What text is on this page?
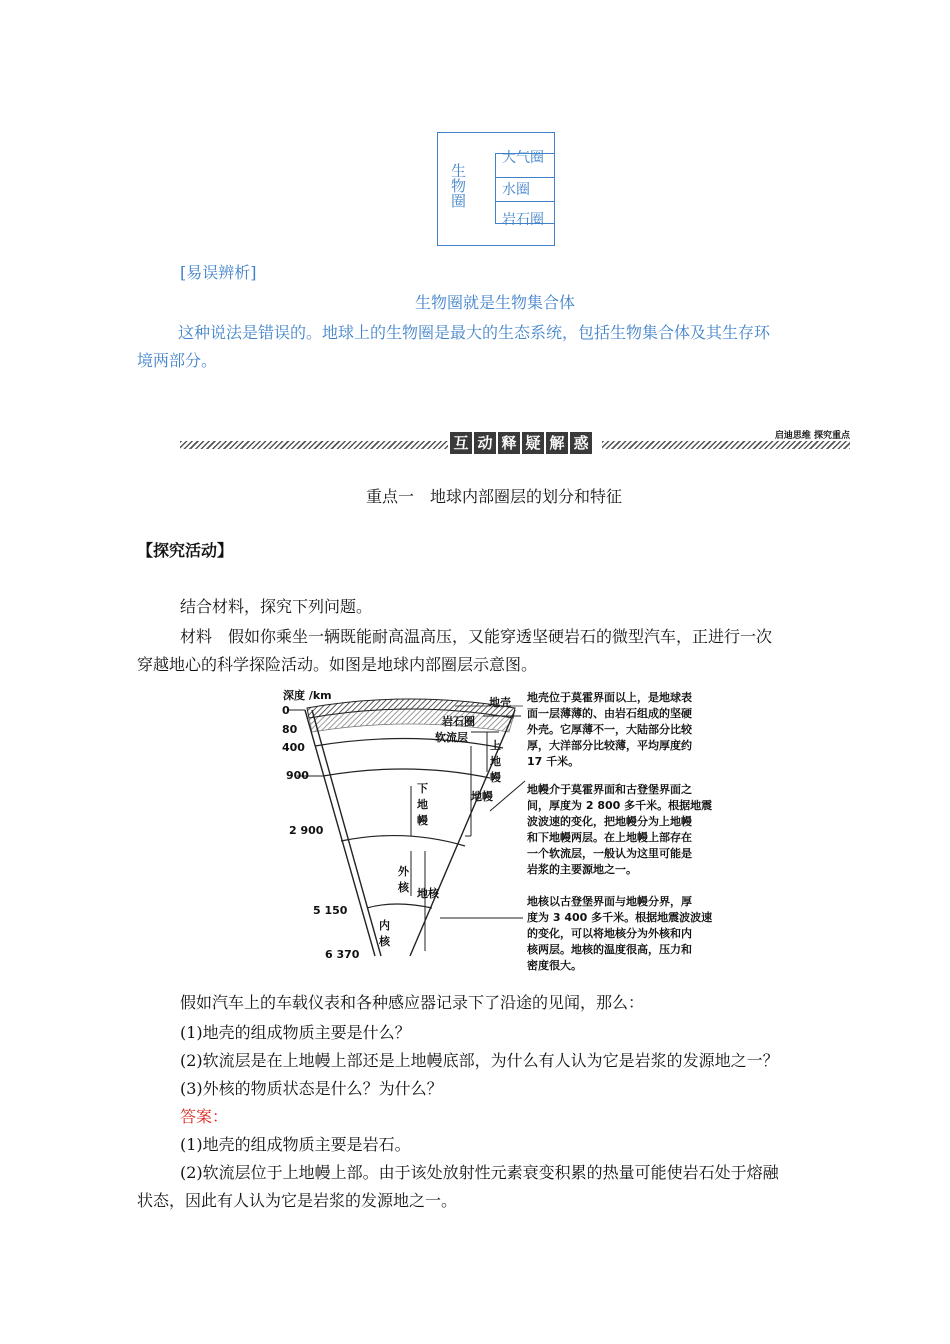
生物圈
大气圈
水圈
岩石圈
[易误辨析]
生物圈就是生物集合体
这种说法是错误的。地球上的生物圈是最大的生态系统，包括生物集合体及其生存环
境两部分。
互 动 释 疑 解 惑	启迪思维 探究重点
重点一　地球内部圈层的划分和特征
【探究活动】
结合材料，探究下列问题。
材料　假如你乘坐一辆既能耐高温高压，又能穿透坚硬岩石的微型汽车，正进行一次
穿越地心的科学探险活动。如图是地球内部圈层示意图。
深度 /km
0
80
400
900
2 900
5 150
6 370
地壳
岩石圈
软流层
上
地
幔
地 幔
下
地
幔
外
核 地核
内
核
地壳位于莫霍界面以上，是地球表
面一层薄薄的、由岩石组成的坚硬
外壳。它厚薄不一，大陆部分比较
厚，大洋部分比较薄，平均厚度约
17 千米。
地幔介于莫霍界面和古登堡界面之
间，厚度为 2 800 多千米。根据地震
波波速的变化，把地幔分为上地幔
和下地幔两层。在上地幔上部存在
一个软流层，一般认为这里可能是
岩浆的主要源地之一。
地核以古登堡界面与地幔分界，厚
度为 3 400 多千米。根据地震波波速
的变化，可以将地核分为外核和内
核两层。地核的温度很高，压力和
密度很大。
假如汽车上的车载仪表和各种感应器记录下了沿途的见闻，那么：
(1)地壳的组成物质主要是什么？
(2)软流层是在上地幔上部还是上地幔底部，为什么有人认为它是岩浆的发源地之一？
(3)外核的物质状态是什么？为什么？
答案：
(1)地壳的组成物质主要是岩石。
(2)软流层位于上地幔上部。由于该处放射性元素衰变积累的热量可能使岩石处于熔融
状态，因此有人认为它是岩浆的发源地之一。
